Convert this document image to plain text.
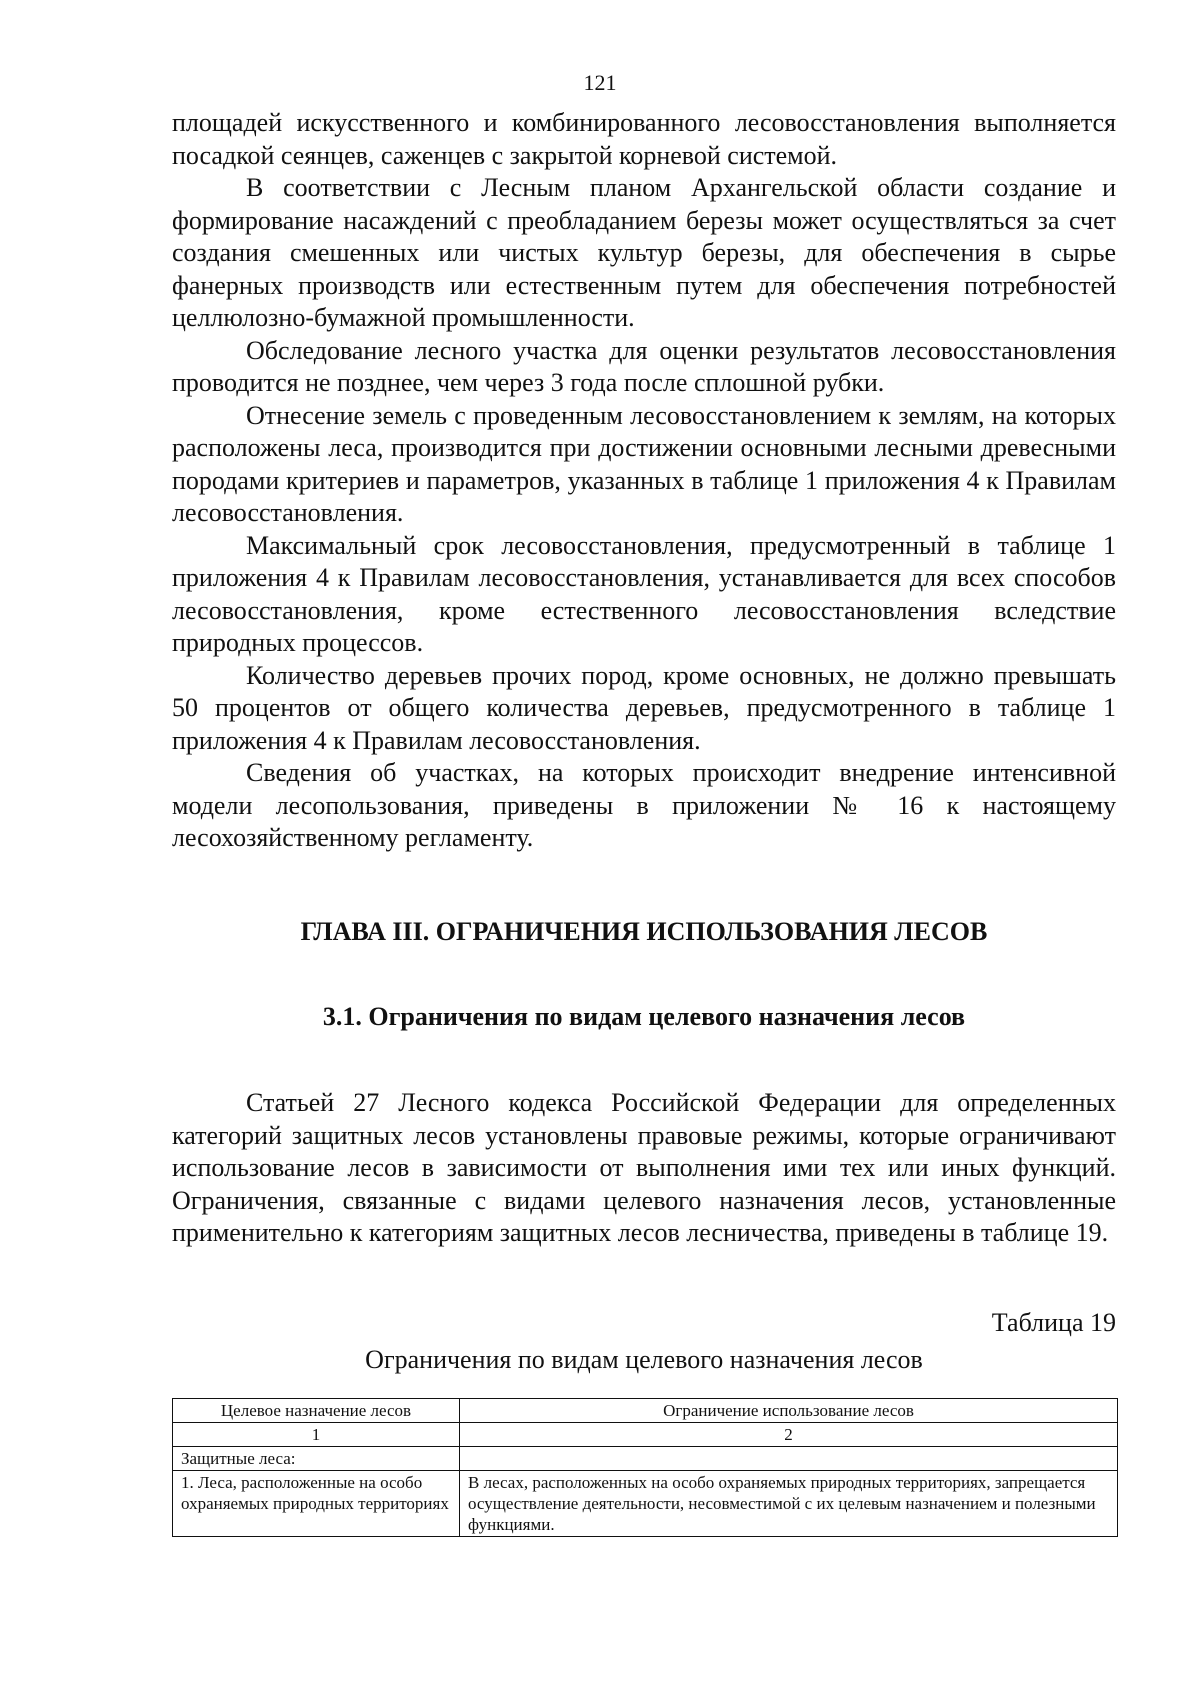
121

площадей искусственного и комбинированного лесовосстановления выполняется посадкой сеянцев, саженцев с закрытой корневой системой.

В соответствии с Лесным планом Архангельской области создание и формирование насаждений с преобладанием березы может осуществляться за счет создания смешенных или чистых культур березы, для обеспечения в сырье фанерных производств или естественным путем для обеспечения потребностей целлюлозно-бумажной промышленности.

Обследование лесного участка для оценки результатов лесовосстановления проводится не позднее, чем через 3 года после сплошной рубки.

Отнесение земель с проведенным лесовосстановлением к землям, на которых расположены леса, производится при достижении основными лесными древесными породами критериев и параметров, указанных в таблице 1 приложения 4 к Правилам лесовосстановления.

Максимальный срок лесовосстановления, предусмотренный в таблице 1 приложения 4 к Правилам лесовосстановления, устанавливается для всех способов лесовосстановления, кроме естественного лесовосстановления вследствие природных процессов.

Количество деревьев прочих пород, кроме основных, не должно превышать 50 процентов от общего количества деревьев, предусмотренного в таблице 1 приложения 4 к Правилам лесовосстановления.

Сведения об участках, на которых происходит внедрение интенсивной модели лесопользования, приведены в приложении № 16 к настоящему лесохозяйственному регламенту.

ГЛАВА III. ОГРАНИЧЕНИЯ ИСПОЛЬЗОВАНИЯ ЛЕСОВ
3.1. Ограничения по видам целевого назначения лесов

Статьей 27 Лесного кодекса Российской Федерации для определенных категорий защитных лесов установлены правовые режимы, которые ограничивают использование лесов в зависимости от выполнения ими тех или иных функций. Ограничения, связанные с видами целевого назначения лесов, установленные применительно к категориям защитных лесов лесничества, приведены в таблице 19.

Таблица 19
Ограничения по видам целевого назначения лесов
Целевое назначение лесов	Ограничение использование лесов
1	2
Защитные леса:	
1. Леса, расположенные на особо охраняемых природных территориях	В лесах, расположенных на особо охраняемых природных территориях, запрещается осуществление деятельности, несовместимой с их целевым назначением и полезными функциями.
